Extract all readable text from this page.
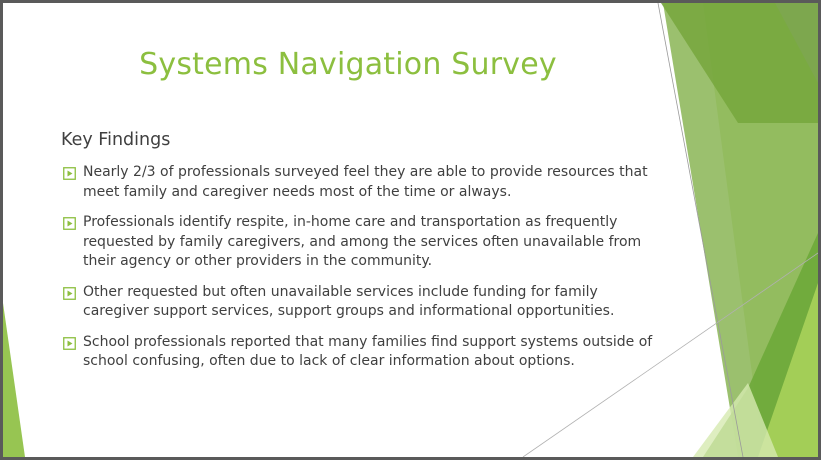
Systems Navigation Survey
Key Findings
Nearly 2/3 of professionals surveyed feel they are able to provide resources that meet family and caregiver needs most of the time or always.
Professionals identify respite, in-home care and transportation as frequently requested by family caregivers, and among the services often unavailable from their agency or other providers in the community.
Other requested but often unavailable services include funding for family caregiver support services, support groups and informational opportunities.
School professionals reported that many families find support systems outside of school confusing, often due to lack of clear information about options.
